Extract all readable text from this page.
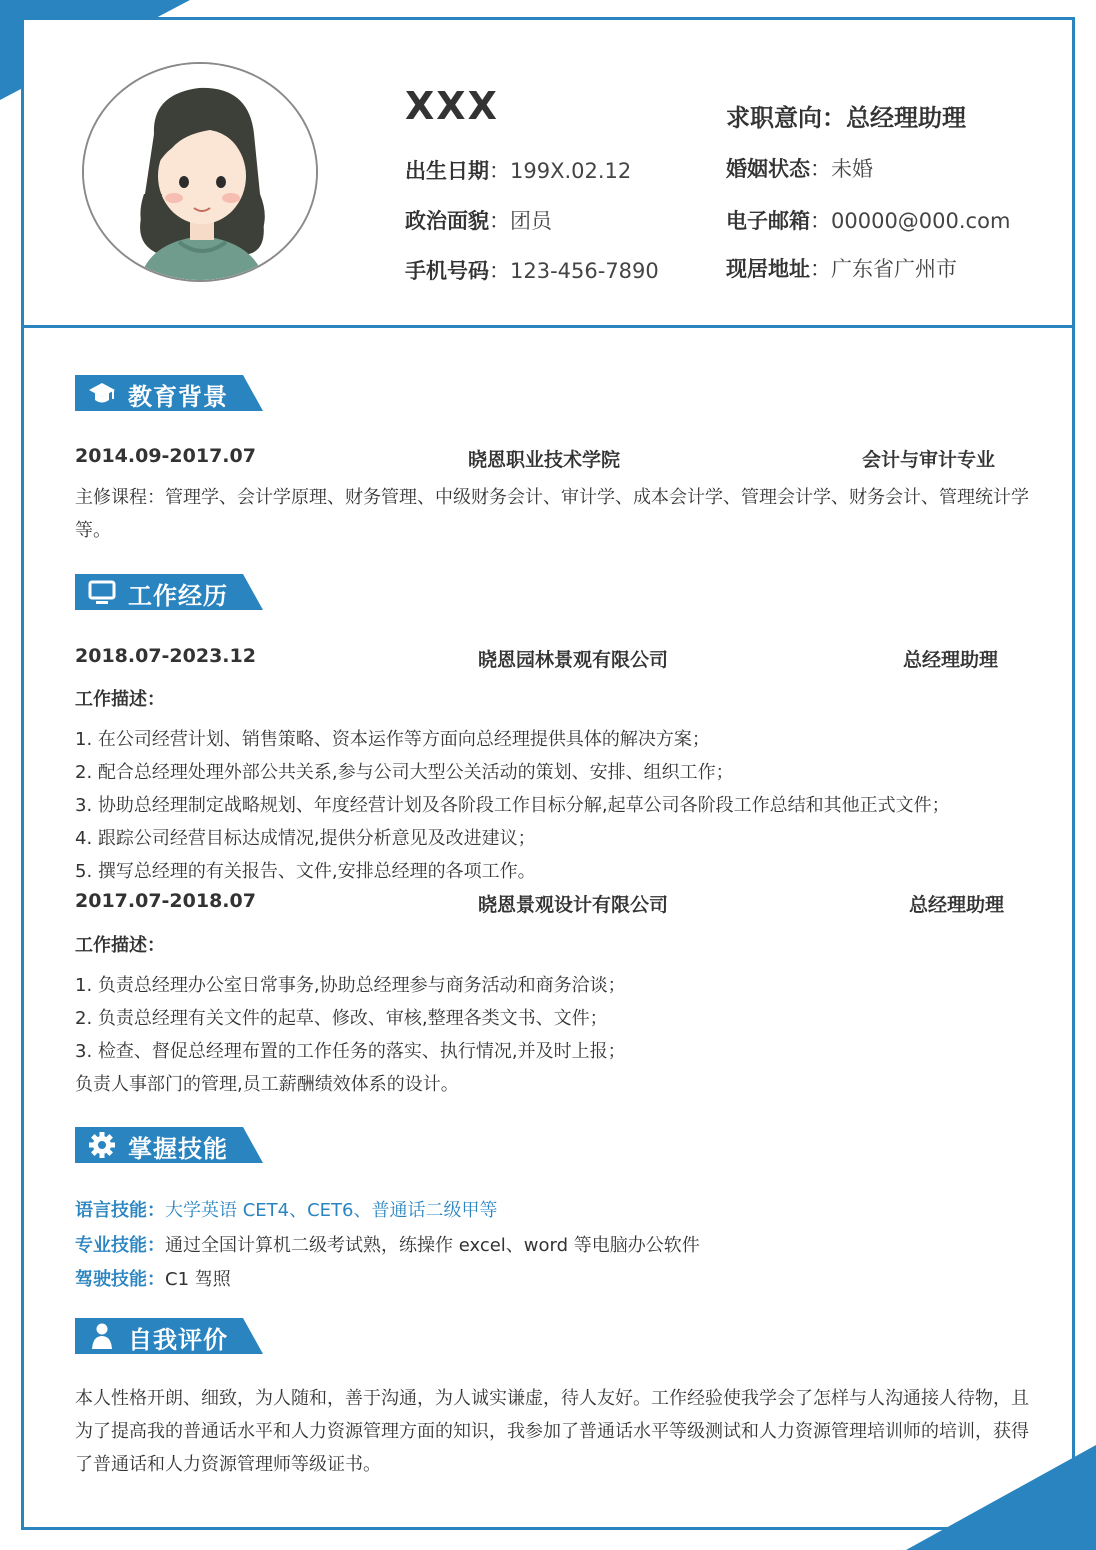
XXX	求职意向：总经理助理
出生日期：199X.02.12
政治面貌：团员
手机号码：123-456-7890
婚姻状态：未婚
电子邮箱：00000@000.com
现居地址：广东省广州市
教育背景
2014.09-2017.07	晓恩职业技术学院	会计与审计专业
主修课程：管理学、会计学原理、财务管理、中级财务会计、审计学、成本会计学、管理会计学、财务会计、管理统计学等。
工作经历
2018.07-2023.12	晓恩园林景观有限公司	总经理助理
工作描述：
1. 在公司经营计划、销售策略、资本运作等方面向总经理提供具体的解决方案；
2. 配合总经理处理外部公共关系,参与公司大型公关活动的策划、安排、组织工作；
3. 协助总经理制定战略规划、年度经营计划及各阶段工作目标分解,起草公司各阶段工作总结和其他正式文件；
4. 跟踪公司经营目标达成情况,提供分析意见及改进建议；
5. 撰写总经理的有关报告、文件,安排总经理的各项工作。
2017.07-2018.07	晓恩景观设计有限公司	总经理助理
工作描述：
1. 负责总经理办公室日常事务,协助总经理参与商务活动和商务洽谈；
2. 负责总经理有关文件的起草、修改、审核,整理各类文书、文件；
3. 检查、督促总经理布置的工作任务的落实、执行情况,并及时上报；
负责人事部门的管理,员工薪酬绩效体系的设计。
掌握技能
语言技能：大学英语 CET4、CET6、普通话二级甲等
专业技能：通过全国计算机二级考试熟，练操作 excel、word 等电脑办公软件
驾驶技能：C1 驾照
自我评价
本人性格开朗、细致，为人随和，善于沟通，为人诚实谦虚，待人友好。工作经验使我学会了怎样与人沟通接人待物，且为了提高我的普通话水平和人力资源管理方面的知识，我参加了普通话水平等级测试和人力资源管理培训师的培训，获得了普通话和人力资源管理师等级证书。
